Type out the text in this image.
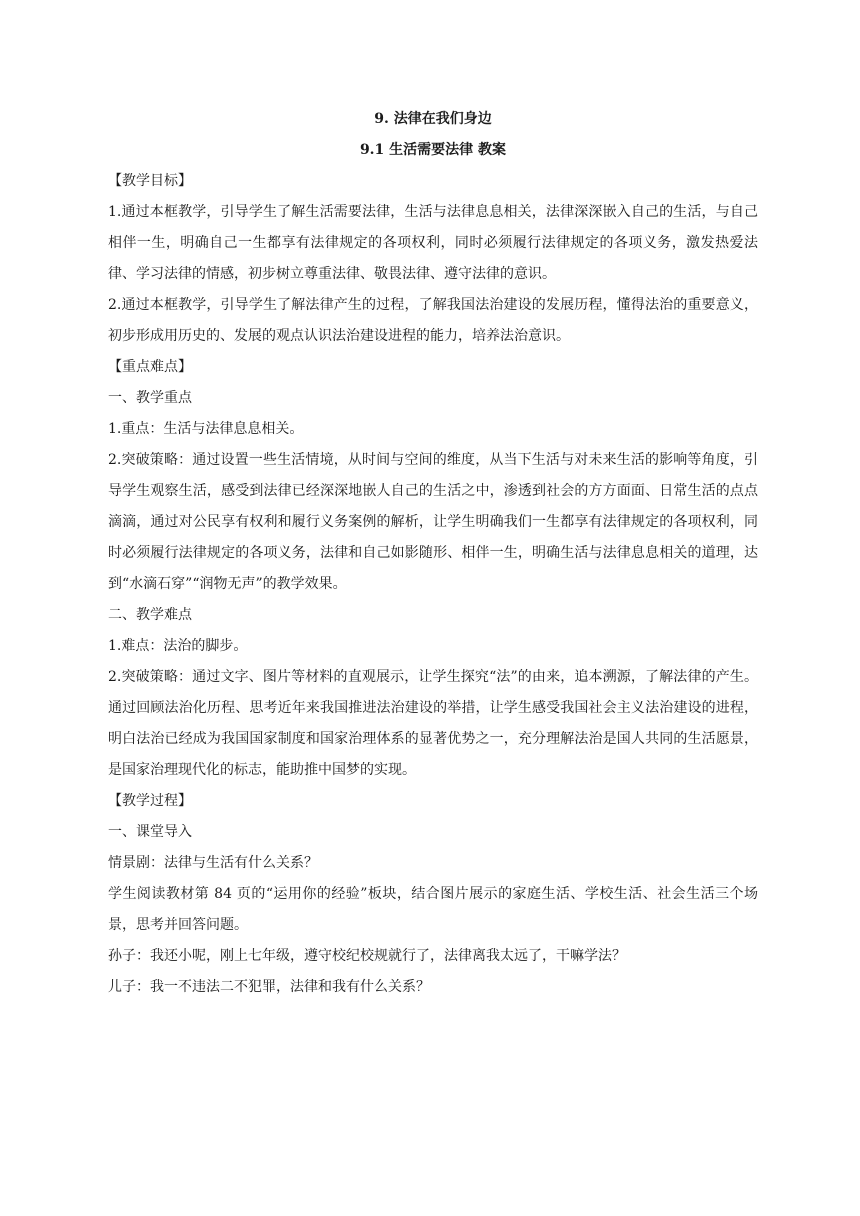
9. 法律在我们身边

9.1 生活需要法律 教案

【教学目标】

1.通过本框教学，引导学生了解生活需要法律，生活与法律息息相关，法律深深嵌入自己的生活，与自己相伴一生，明确自己一生都享有法律规定的各项权利，同时必须履行法律规定的各项义务，激发热爱法律、学习法律的情感，初步树立尊重法律、敬畏法律、遵守法律的意识。

2.通过本框教学，引导学生了解法律产生的过程，了解我国法治建设的发展历程，懂得法治的重要意义，初步形成用历史的、发展的观点认识法治建设进程的能力，培养法治意识。

【重点难点】

一、教学重点

1.重点：生活与法律息息相关。

2.突破策略：通过设置一些生活情境，从时间与空间的维度，从当下生活与对未来生活的影响等角度，引导学生观察生活，感受到法律已经深深地嵌人自己的生活之中，渗透到社会的方方面面、日常生活的点点滴滴，通过对公民享有权利和履行义务案例的解析，让学生明确我们一生都享有法律规定的各项权利，同时必须履行法律规定的各项义务，法律和自己如影随形、相伴一生，明确生活与法律息息相关的道理，达到“水滴石穿”“润物无声”的教学效果。

二、教学难点

1.难点：法治的脚步。

2.突破策略：通过文字、图片等材料的直观展示，让学生探究“法”的由来，追本溯源，了解法律的产生。通过回顾法治化历程、思考近年来我国推进法治建设的举措，让学生感受我国社会主义法治建设的进程，明白法治已经成为我国国家制度和国家治理体系的显著优势之一，充分理解法治是国人共同的生活愿景，是国家治理现代化的标志，能助推中国梦的实现。

【教学过程】

一、课堂导入

情景剧：法律与生活有什么关系？

学生阅读教材第 84 页的“运用你的经验”板块，结合图片展示的家庭生活、学校生活、社会生活三个场景，思考并回答问题。

孙子：我还小呢，刚上七年级，遵守校纪校规就行了，法律离我太远了，干嘛学法？

儿子：我一不违法二不犯罪，法律和我有什么关系？
